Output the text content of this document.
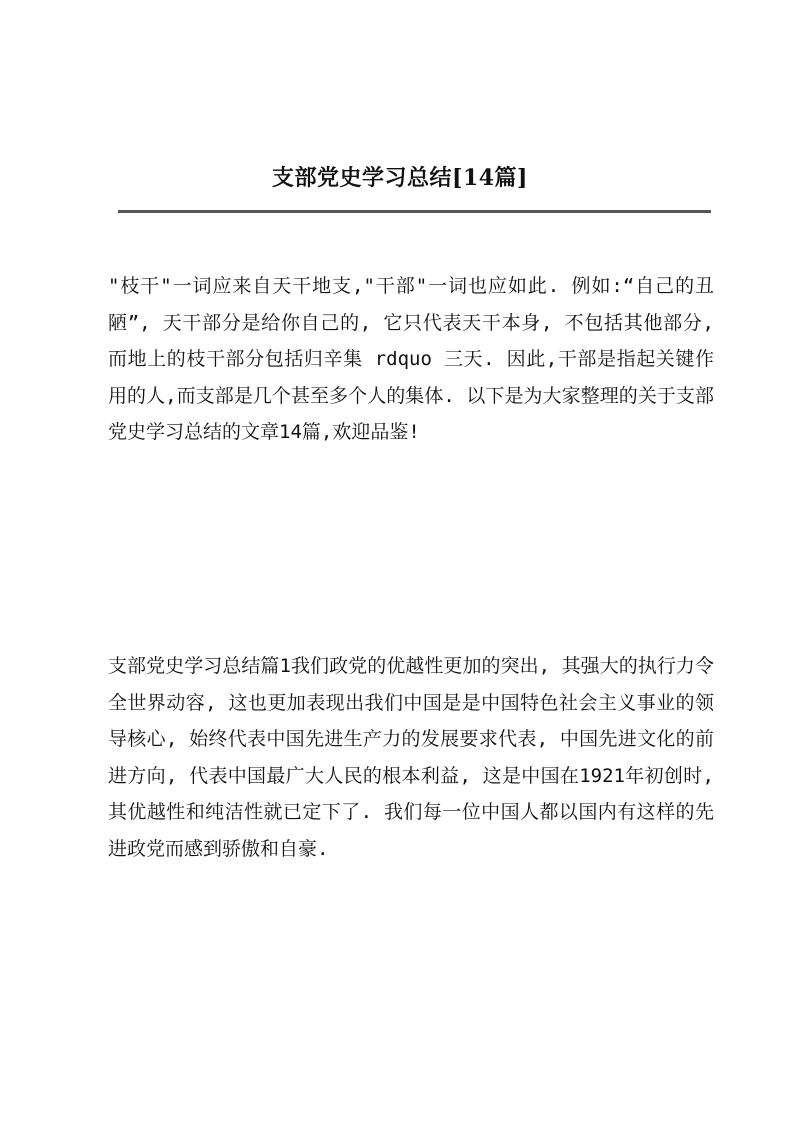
支部党史学习总结[14篇]

"枝干"一词应来自天干地支,"干部"一词也应如此. 例如:“自己的丑陋”, 天干部分是给你自己的, 它只代表天干本身, 不包括其他部分, 而地上的枝干部分包括归辛集 rdquo 三天. 因此,干部是指起关键作用的人,而支部是几个甚至多个人的集体. 以下是为大家整理的关于支部党史学习总结的文章14篇,欢迎品鉴!

支部党史学习总结篇1我们政党的优越性更加的突出, 其强大的执行力令全世界动容, 这也更加表现出我们中国是是中国特色社会主义事业的领导核心, 始终代表中国先进生产力的发展要求代表, 中国先进文化的前进方向, 代表中国最广大人民的根本利益, 这是中国在1921年初创时, 其优越性和纯洁性就已定下了. 我们每一位中国人都以国内有这样的先进政党而感到骄傲和自豪.
